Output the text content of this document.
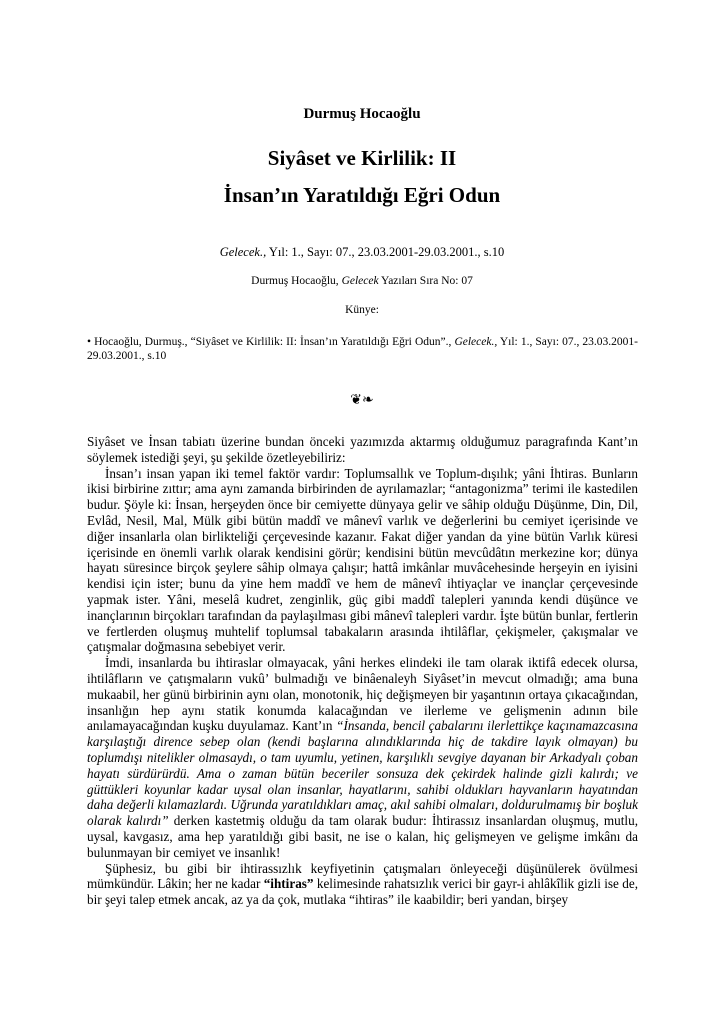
Durmuş Hocaoğlu
Siyâset ve Kirlilik: II
İnsan’ın Yaratıldığı Eğri Odun
Gelecek., Yıl: 1., Sayı: 07., 23.03.2001-29.03.2001., s.10
Durmuş Hocaoğlu, Gelecek Yazıları Sıra No: 07
Künye:
• Hocaoğlu, Durmuş., “Siyâset ve Kirlilik: II: İnsan’ın Yaratıldığı Eğri Odun”., Gelecek., Yıl: 1., Sayı: 07., 23.03.2001-29.03.2001., s.10
❦❧

Siyâset ve İnsan tabiatı üzerine bundan önceki yazımızda aktarmış olduğumuz paragrafında Kant’ın söylemek istediği şeyi, şu şekilde özetleyebiliriz:

İnsan’ı insan yapan iki temel faktör vardır: Toplumsallık ve Toplum-dışılık; yâni İhtiras. Bunların ikisi birbirine zıttır; ama aynı zamanda birbirinden de ayrılamazlar; “antagonizma” terimi ile kastedilen budur. Şöyle ki: İnsan, herşeyden önce bir cemiyette dünyaya gelir ve sâhip olduğu Düşünme, Din, Dil, Evlâd, Nesil, Mal, Mülk gibi bütün maddî ve mânevî varlık ve değerlerini bu cemiyet içerisinde ve diğer insanlarla olan birlikteliği çerçevesinde kazanır. Fakat diğer yandan da yine bütün Varlık küresi içerisinde en önemli varlık olarak kendisini görür; kendisini bütün mevcûdâtın merkezine kor; dünya hayatı süresince birçok şeylere sâhip olmaya çalışır; hattâ imkânlar muvâcehesinde herşeyin en iyisini kendisi için ister; bunu da yine hem maddî ve hem de mânevî ihtiyaçlar ve inançlar çerçevesinde yapmak ister. Yâni, meselâ kudret, zenginlik, güç gibi maddî talepleri yanında kendi düşünce ve inançlarının birçokları tarafından da paylaşılması gibi mânevî talepleri vardır. İşte bütün bunlar, fertlerin ve fertlerden oluşmuş muhtelif toplumsal tabakaların arasında ihtilâflar, çekişmeler, çakışmalar ve çatışmalar doğmasına sebebiyet verir.

İmdi, insanlarda bu ihtiraslar olmayacak, yâni herkes elindeki ile tam olarak iktifâ edecek olursa, ihtilâfların ve çatışmaların vukû’ bulmadığı ve binâenaleyh Siyâset’in mevcut olmadığı; ama buna mukaabil, her günü birbirinin aynı olan, monotonik, hiç değişmeyen bir yaşantının ortaya çıkacağından, insanlığın hep aynı statik konumda kalacağından ve ilerleme ve gelişmenin adının bile anılamayacağından kuşku duyulamaz. Kant’ın “İnsanda, bencil çabalarını ilerlettikçe kaçınamazcasına karşılaştığı dirence sebep olan (kendi başlarına alındıklarında hiç de takdire layık olmayan) bu toplumdışı nitelikler olmasaydı, o tam uyumlu, yetinen, karşılıklı sevgiye dayanan bir Arkadyalı çoban hayatı sürdürürdü. Ama o zaman bütün beceriler sonsuza dek çekirdek halinde gizli kalırdı; ve güttükleri koyunlar kadar uysal olan insanlar, hayatlarını, sahibi oldukları hayvanların hayatından daha değerli kılamazlardı. Uğrunda yaratıldıkları amaç, akıl sahibi olmaları, doldurulmamış bir boşluk olarak kalırdı” derken kastetmiş olduğu da tam olarak budur: İhtirassız insanlardan oluşmuş, mutlu, uysal, kavgasız, ama hep yaratıldığı gibi basit, ne ise o kalan, hiç gelişmeyen ve gelişme imkânı da bulunmayan bir cemiyet ve insanlık!

Şüphesiz, bu gibi bir ihtirassızlık keyfiyetinin çatışmaları önleyeceği düşünülerek övülmesi mümkündür. Lâkin; her ne kadar “ihtiras” kelimesinde rahatsızlık verici bir gayr-i ahlâkîlik gizli ise de, bir şeyi talep etmek ancak, az ya da çok, mutlaka “ihtiras” ile kaabildir; beri yandan, birşey
